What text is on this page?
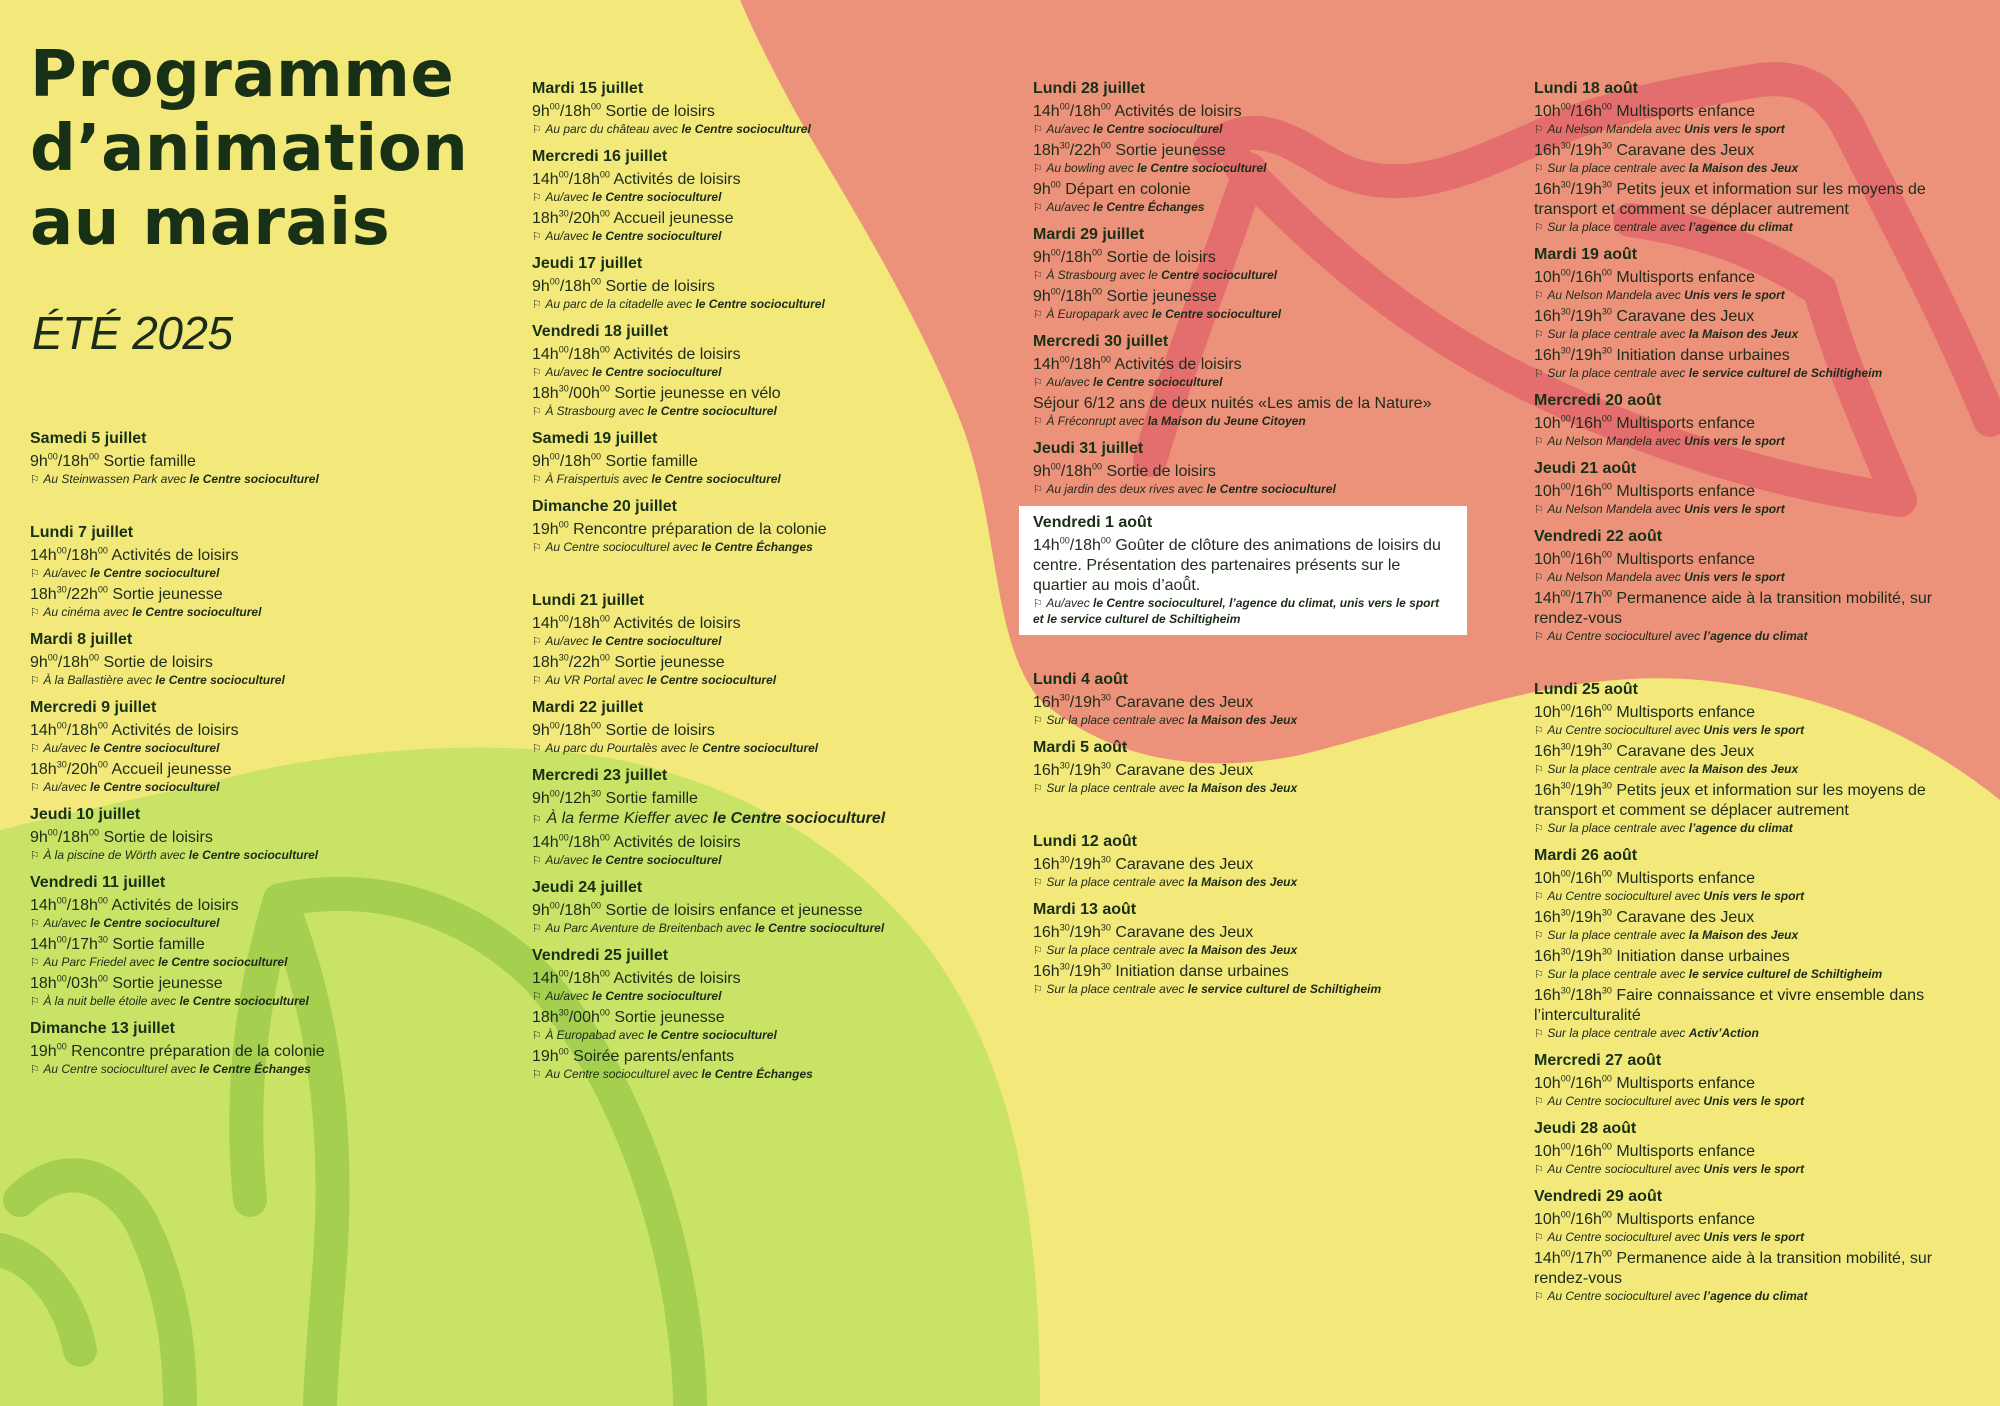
Programme
d’animation
au marais
ÉTÉ 2025
Samedi 5 juillet
$9h^{00}/18h^{00}$ Sortie famille
⚐ Au Steinwassen Park avec le Centre socioculturel
Lundi 7 juillet
$14h^{00}/18h^{00}$ Activités de loisirs
⚐ Au/avec le Centre socioculturel
$18h^{30}/22h^{00}$ Sortie jeunesse
⚐ Au cinéma avec le Centre socioculturel
Mardi 8 juillet
$9h^{00}/18h^{00}$ Sortie de loisirs
⚐ À la Ballastière avec le Centre socioculturel
Mercredi 9 juillet
$14h^{00}/18h^{00}$ Activités de loisirs
⚐ Au/avec le Centre socioculturel
$18h^{30}/20h^{00}$ Accueil jeunesse
⚐ Au/avec le Centre socioculturel
Jeudi 10 juillet
$9h^{00}/18h^{00}$ Sortie de loisirs
⚐ À la piscine de Wörth avec le Centre socioculturel
Vendredi 11 juillet
$14h^{00}/18h^{00}$ Activités de loisirs
⚐ Au/avec le Centre socioculturel
$14h^{00}/17h^{30}$ Sortie famille
⚐ Au Parc Friedel avec le Centre socioculturel
$18h^{00}/03h^{00}$ Sortie jeunesse
⚐ À la nuit belle étoile avec le Centre socioculturel
Dimanche 13 juillet
$19h^{00}$ Rencontre préparation de la colonie
⚐ Au Centre socioculturel avec le Centre Échanges
Mardi 15 juillet
$9h^{00}/18h^{00}$ Sortie de loisirs
⚐ Au parc du château avec le Centre socioculturel
Mercredi 16 juillet
$14h^{00}/18h^{00}$ Activités de loisirs
⚐ Au/avec le Centre socioculturel
$18h^{30}/20h^{00}$ Accueil jeunesse
⚐ Au/avec le Centre socioculturel
Jeudi 17 juillet
$9h^{00}/18h^{00}$ Sortie de loisirs
⚐ Au parc de la citadelle avec le Centre socioculturel
Vendredi 18 juillet
$14h^{00}/18h^{00}$ Activités de loisirs
⚐ Au/avec le Centre socioculturel
$18h^{30}/00h^{00}$ Sortie jeunesse en vélo
⚐ À Strasbourg avec le Centre socioculturel
Samedi 19 juillet
$9h^{00}/18h^{00}$ Sortie famille
⚐ À Fraispertuis avec le Centre socioculturel
Dimanche 20 juillet
$19h^{00}$ Rencontre préparation de la colonie
⚐ Au Centre socioculturel avec le Centre Échanges
Lundi 21 juillet
$14h^{00}/18h^{00}$ Activités de loisirs
⚐ Au/avec le Centre socioculturel
$18h^{30}/22h^{00}$ Sortie jeunesse
⚐ Au VR Portal avec le Centre socioculturel
Mardi 22 juillet
$9h^{00}/18h^{00}$ Sortie de loisirs
⚐ Au parc du Pourtalès avec le Centre socioculturel
Mercredi 23 juillet
$9h^{00}/12h^{30}$ Sortie famille
⚐ À la ferme Kieffer avec le Centre socioculturel
$14h^{00}/18h^{00}$ Activités de loisirs
⚐ Au/avec le Centre socioculturel
Jeudi 24 juillet
$9h^{00}/18h^{00}$ Sortie de loisirs enfance et jeunesse
⚐ Au Parc Aventure de Breitenbach avec le Centre socioculturel
Vendredi 25 juillet
$14h^{00}/18h^{00}$ Activités de loisirs
⚐ Au/avec le Centre socioculturel
$18h^{30}/00h^{00}$ Sortie jeunesse
⚐ À Europabad avec le Centre socioculturel
$19h^{00}$ Soirée parents/enfants
⚐ Au Centre socioculturel avec le Centre Échanges
Lundi 28 juillet
$14h^{00}/18h^{00}$ Activités de loisirs
⚐ Au/avec le Centre socioculturel
$18h^{30}/22h^{00}$ Sortie jeunesse
⚐ Au bowling avec le Centre socioculturel
$9h^{00}$ Départ en colonie
⚐ Au/avec le Centre Échanges
Mardi 29 juillet
$9h^{00}/18h^{00}$ Sortie de loisirs
⚐ À Strasbourg avec le Centre socioculturel
$9h^{00}/18h^{00}$ Sortie jeunesse
⚐ À Europapark avec le Centre socioculturel
Mercredi 30 juillet
$14h^{00}/18h^{00}$ Activités de loisirs
⚐ Au/avec le Centre socioculturel
Séjour 6/12 ans de deux nuités «Les amis de la Nature»
⚐ À Fréconrupt avec la Maison du Jeune Citoyen
Jeudi 31 juillet
$9h^{00}/18h^{00}$ Sortie de loisirs
⚐ Au jardin des deux rives avec le Centre socioculturel
Vendredi 1 août
$14h^{00}/18h^{00}$ Goûter de clôture des animations de loisirs du centre. Présentation des partenaires présents sur le quartier au mois d’aoû̂t.
⚐ Au/avec le Centre socioculturel, l’agence du climat, unis vers le sport et le service culturel de Schiltigheim
Lundi 4 août
$16h^{30}/19h^{30}$ Caravane des Jeux
⚐ Sur la place centrale avec la Maison des Jeux
Mardi 5 août
$16h^{30}/19h^{30}$ Caravane des Jeux
⚐ Sur la place centrale avec la Maison des Jeux
Lundi 12 août
$16h^{30}/19h^{30}$ Caravane des Jeux
⚐ Sur la place centrale avec la Maison des Jeux
Mardi 13 août
$16h^{30}/19h^{30}$ Caravane des Jeux
⚐ Sur la place centrale avec la Maison des Jeux
$16h^{30}/19h^{30}$ Initiation danse urbaines
⚐ Sur la place centrale avec le service culturel de Schiltigheim
Lundi 18 août
$10h^{00}/16h^{00}$ Multisports enfance
⚐ Au Nelson Mandela avec Unis vers le sport
$16h^{30}/19h^{30}$ Caravane des Jeux
⚐ Sur la place centrale avec la Maison des Jeux
$16h^{30}/19h^{30}$ Petits jeux et information sur les moyens de transport et comment se déplacer autrement
⚐ Sur la place centrale avec l’agence du climat
Mardi 19 août
$10h^{00}/16h^{00}$ Multisports enfance
⚐ Au Nelson Mandela avec Unis vers le sport
$16h^{30}/19h^{30}$ Caravane des Jeux
⚐ Sur la place centrale avec la Maison des Jeux
$16h^{30}/19h^{30}$ Initiation danse urbaines
⚐ Sur la place centrale avec le service culturel de Schiltigheim
Mercredi 20 août
$10h^{00}/16h^{00}$ Multisports enfance
⚐ Au Nelson Mandela avec Unis vers le sport
Jeudi 21 août
$10h^{00}/16h^{00}$ Multisports enfance
⚐ Au Nelson Mandela avec Unis vers le sport
Vendredi 22 août
$10h^{00}/16h^{00}$ Multisports enfance
⚐ Au Nelson Mandela avec Unis vers le sport
$14h^{00}/17h^{00}$ Permanence aide à la transition mobilité, sur rendez-vous
⚐ Au Centre socioculturel avec l’agence du climat
Lundi 25 août
$10h^{00}/16h^{00}$ Multisports enfance
⚐ Au Centre socioculturel avec Unis vers le sport
$16h^{30}/19h^{30}$ Caravane des Jeux
⚐ Sur la place centrale avec la Maison des Jeux
$16h^{30}/19h^{30}$ Petits jeux et information sur les moyens de transport et comment se déplacer autrement
⚐ Sur la place centrale avec l’agence du climat
Mardi 26 août
$10h^{00}/16h^{00}$ Multisports enfance
⚐ Au Centre socioculturel avec Unis vers le sport
$16h^{30}/19h^{30}$ Caravane des Jeux
⚐ Sur la place centrale avec la Maison des Jeux
$16h^{30}/19h^{30}$ Initiation danse urbaines
⚐ Sur la place centrale avec le service culturel de Schiltigheim
$16h^{30}/18h^{30}$ Faire connaissance et vivre ensemble dans l’interculturalité
⚐ Sur la place centrale avec Activ’Action
Mercredi 27 août
$10h^{00}/16h^{00}$ Multisports enfance
⚐ Au Centre socioculturel avec Unis vers le sport
Jeudi 28 août
$10h^{00}/16h^{00}$ Multisports enfance
⚐ Au Centre socioculturel avec Unis vers le sport
Vendredi 29 août
$10h^{00}/16h^{00}$ Multisports enfance
⚐ Au Centre socioculturel avec Unis vers le sport
$14h^{00}/17h^{00}$ Permanence aide à la transition mobilité, sur rendez-vous
⚐ Au Centre socioculturel avec l’agence du climat
